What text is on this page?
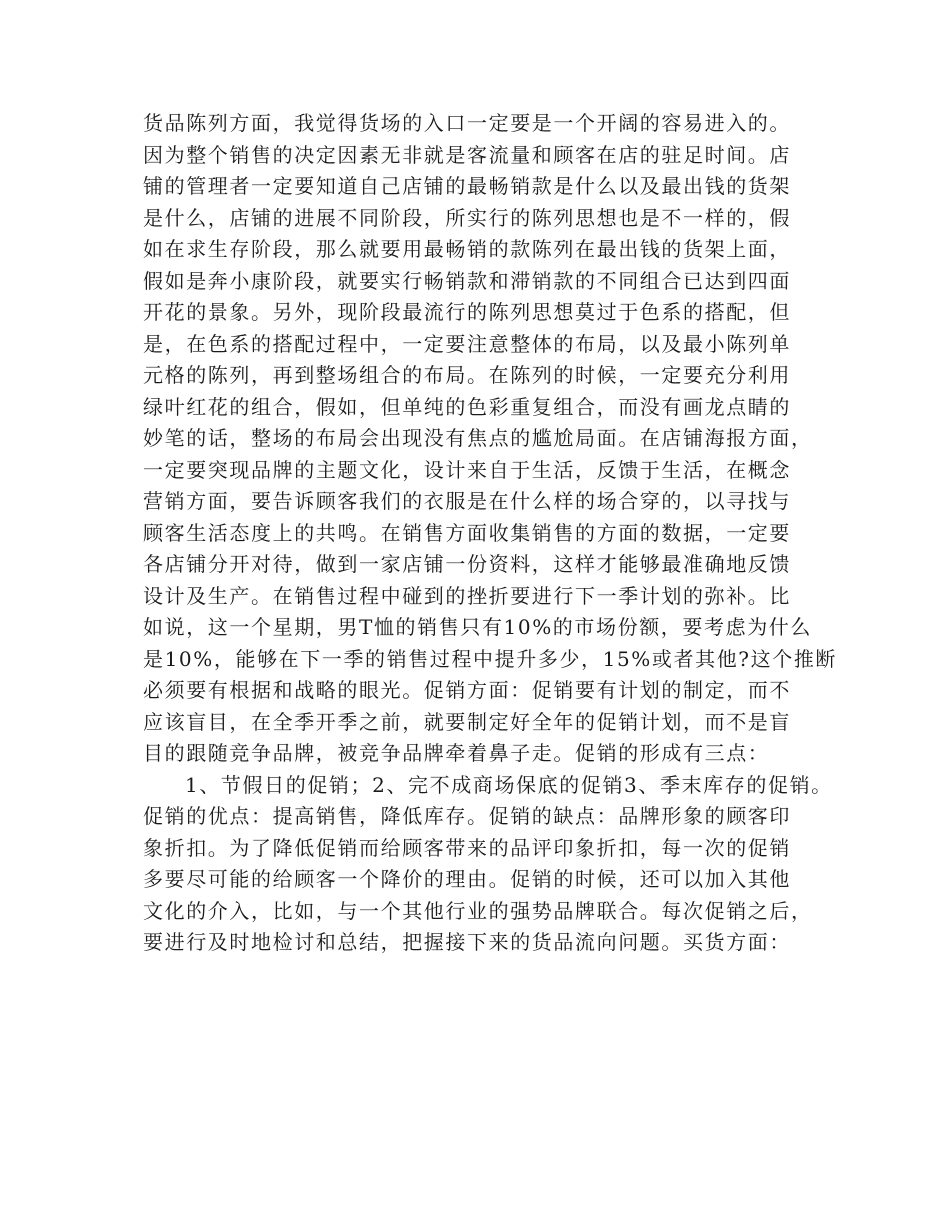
货品陈列方面，我觉得货场的入口一定要是一个开阔的容易进入的。
因为整个销售的决定因素无非就是客流量和顾客在店的驻足时间。店
铺的管理者一定要知道自己店铺的最畅销款是什么以及最出钱的货架
是什么，店铺的进展不同阶段，所实行的陈列思想也是不一样的，假
如在求生存阶段，那么就要用最畅销的款陈列在最出钱的货架上面，
假如是奔小康阶段，就要实行畅销款和滞销款的不同组合已达到四面
开花的景象。另外，现阶段最流行的陈列思想莫过于色系的搭配，但
是，在色系的搭配过程中，一定要注意整体的布局，以及最小陈列单
元格的陈列，再到整场组合的布局。在陈列的时候，一定要充分利用
绿叶红花的组合，假如，但单纯的色彩重复组合，而没有画龙点睛的
妙笔的话，整场的布局会出现没有焦点的尴尬局面。在店铺海报方面，
一定要突现品牌的主题文化，设计来自于生活，反馈于生活，在概念
营销方面，要告诉顾客我们的衣服是在什么样的场合穿的，以寻找与
顾客生活态度上的共鸣。在销售方面收集销售的方面的数据，一定要
各店铺分开对待，做到一家店铺一份资料，这样才能够最准确地反馈
设计及生产。在销售过程中碰到的挫折要进行下一季计划的弥补。比
如说，这一个星期，男T恤的销售只有10%的市场份额，要考虑为什么
是10%，能够在下一季的销售过程中提升多少，15%或者其他?这个推断
必须要有根据和战略的眼光。促销方面：促销要有计划的制定，而不
应该盲目，在全季开季之前，就要制定好全年的促销计划，而不是盲
目的跟随竞争品牌，被竞争品牌牵着鼻子走。促销的形成有三点：
1、节假日的促销；2、完不成商场保底的促销3、季末库存的促销。
促销的优点：提高销售，降低库存。促销的缺点：品牌形象的顾客印
象折扣。为了降低促销而给顾客带来的品评印象折扣，每一次的促销
多要尽可能的给顾客一个降价的理由。促销的时候，还可以加入其他
文化的介入，比如，与一个其他行业的强势品牌联合。每次促销之后，
要进行及时地检讨和总结，把握接下来的货品流向问题。买货方面：
